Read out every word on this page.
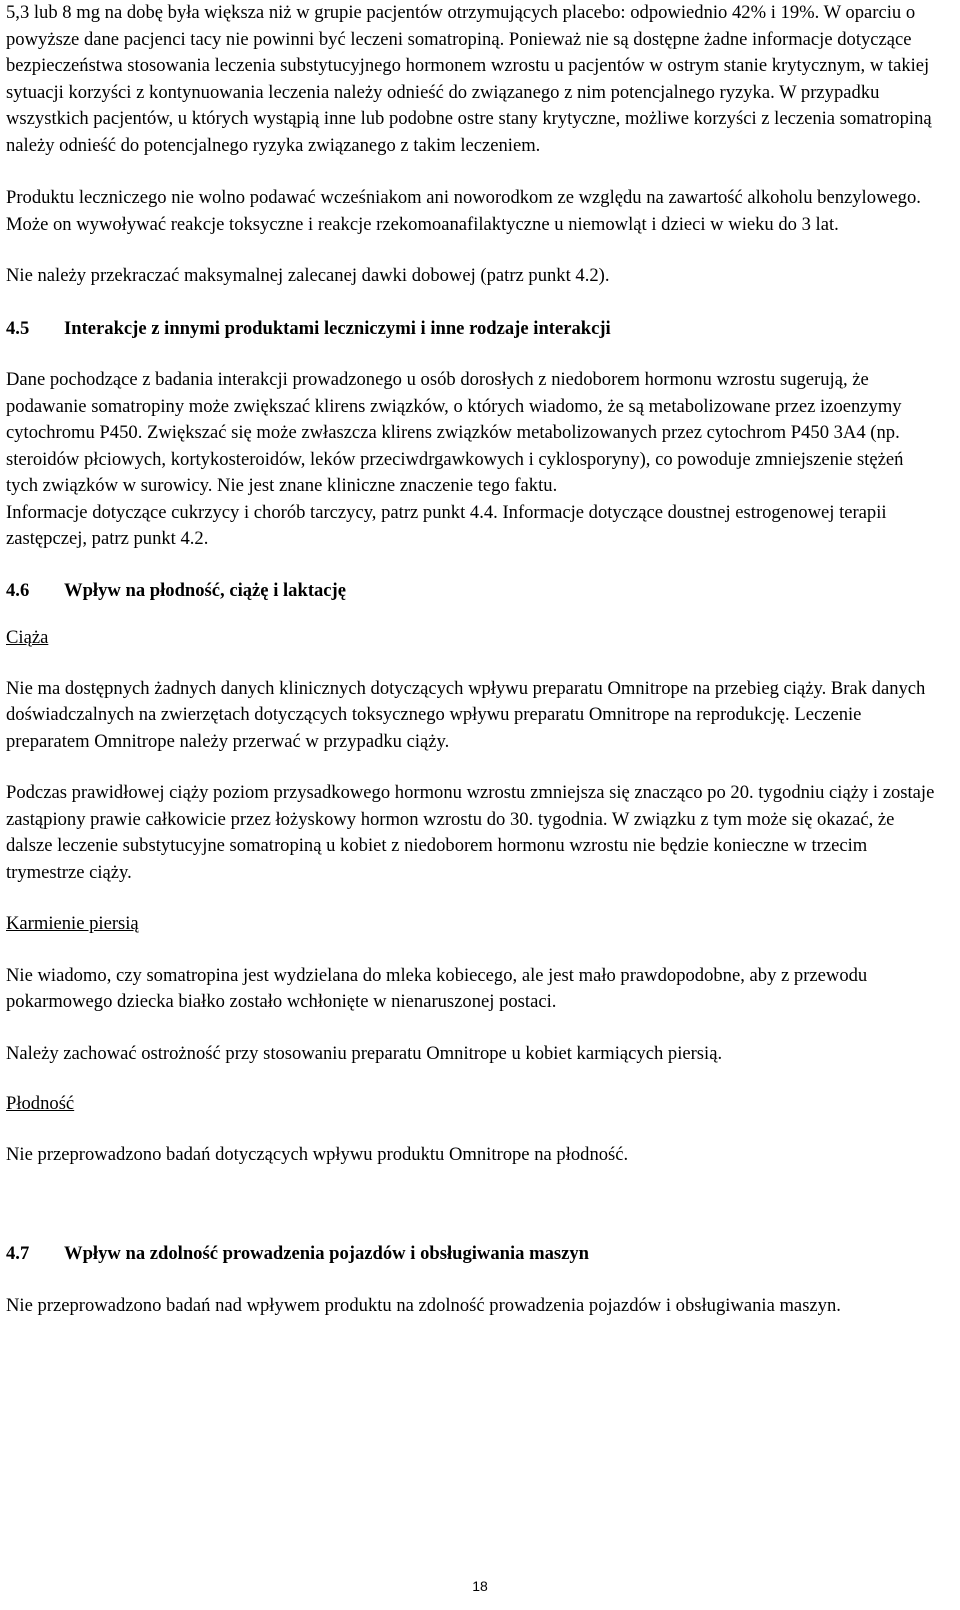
5,3 lub 8 mg na dobę była większa niż w grupie pacjentów otrzymujących placebo: odpowiednio 42% i 19%. W oparciu o powyższe dane pacjenci tacy nie powinni być leczeni somatropiną. Ponieważ nie są dostępne żadne informacje dotyczące bezpieczeństwa stosowania leczenia substytucyjnego hormonem wzrostu u pacjentów w ostrym stanie krytycznym, w takiej sytuacji korzyści z kontynuowania leczenia należy odnieść do związanego z nim potencjalnego ryzyka. W przypadku wszystkich pacjentów, u których wystąpią inne lub podobne ostre stany krytyczne, możliwe korzyści z leczenia somatropiną należy odnieść do potencjalnego ryzyka związanego z takim leczeniem.

Produktu leczniczego nie wolno podawać wcześniakom ani noworodkom ze względu na zawartość alkoholu benzylowego. Może on wywoływać reakcje toksyczne i reakcje rzekomoanafilaktyczne u niemowląt i dzieci w wieku do 3 lat.

Nie należy przekraczać maksymalnej zalecanej dawki dobowej (patrz punkt 4.2).

4.5	Interakcje z innymi produktami leczniczymi i inne rodzaje interakcji

Dane pochodzące z badania interakcji prowadzonego u osób dorosłych z niedoborem hormonu wzrostu sugerują, że podawanie somatropiny może zwiększać klirens związków, o których wiadomo, że są metabolizowane przez izoenzymy cytochromu P450. Zwiększać się może zwłaszcza klirens związków metabolizowanych przez cytochrom P450 3A4 (np. steroidów płciowych, kortykosteroidów, leków przeciwdrgawkowych i cyklosporyny), co powoduje zmniejszenie stężeń tych związków w surowicy. Nie jest znane kliniczne znaczenie tego faktu.

Informacje dotyczące cukrzycy i chorób tarczycy, patrz punkt 4.4. Informacje dotyczące doustnej estrogenowej terapii zastępczej, patrz punkt 4.2.

4.6	Wpływ na płodność, ciążę i laktację

Ciąża

Nie ma dostępnych żadnych danych klinicznych dotyczących wpływu preparatu Omnitrope na przebieg ciąży. Brak danych doświadczalnych na zwierzętach dotyczących toksycznego wpływu preparatu Omnitrope na reprodukcję. Leczenie preparatem Omnitrope należy przerwać w przypadku ciąży.

Podczas prawidłowej ciąży poziom przysadkowego hormonu wzrostu zmniejsza się znacząco po 20. tygodniu ciąży i zostaje zastąpiony prawie całkowicie przez łożyskowy hormon wzrostu do 30. tygodnia. W związku z tym może się okazać, że dalsze leczenie substytucyjne somatropiną u kobiet z niedoborem hormonu wzrostu nie będzie konieczne w trzecim trymestrze ciąży.

Karmienie piersią

Nie wiadomo, czy somatropina jest wydzielana do mleka kobiecego, ale jest mało prawdopodobne, aby z przewodu pokarmowego dziecka białko zostało wchłonięte w nienaruszonej postaci.

Należy zachować ostrożność przy stosowaniu preparatu Omnitrope u kobiet karmiących piersią.

Płodność

Nie przeprowadzono badań dotyczących wpływu produktu Omnitrope na płodność.

4.7	Wpływ na zdolność prowadzenia pojazdów i obsługiwania maszyn

Nie przeprowadzono badań nad wpływem produktu na zdolność prowadzenia pojazdów i obsługiwania maszyn.

18
